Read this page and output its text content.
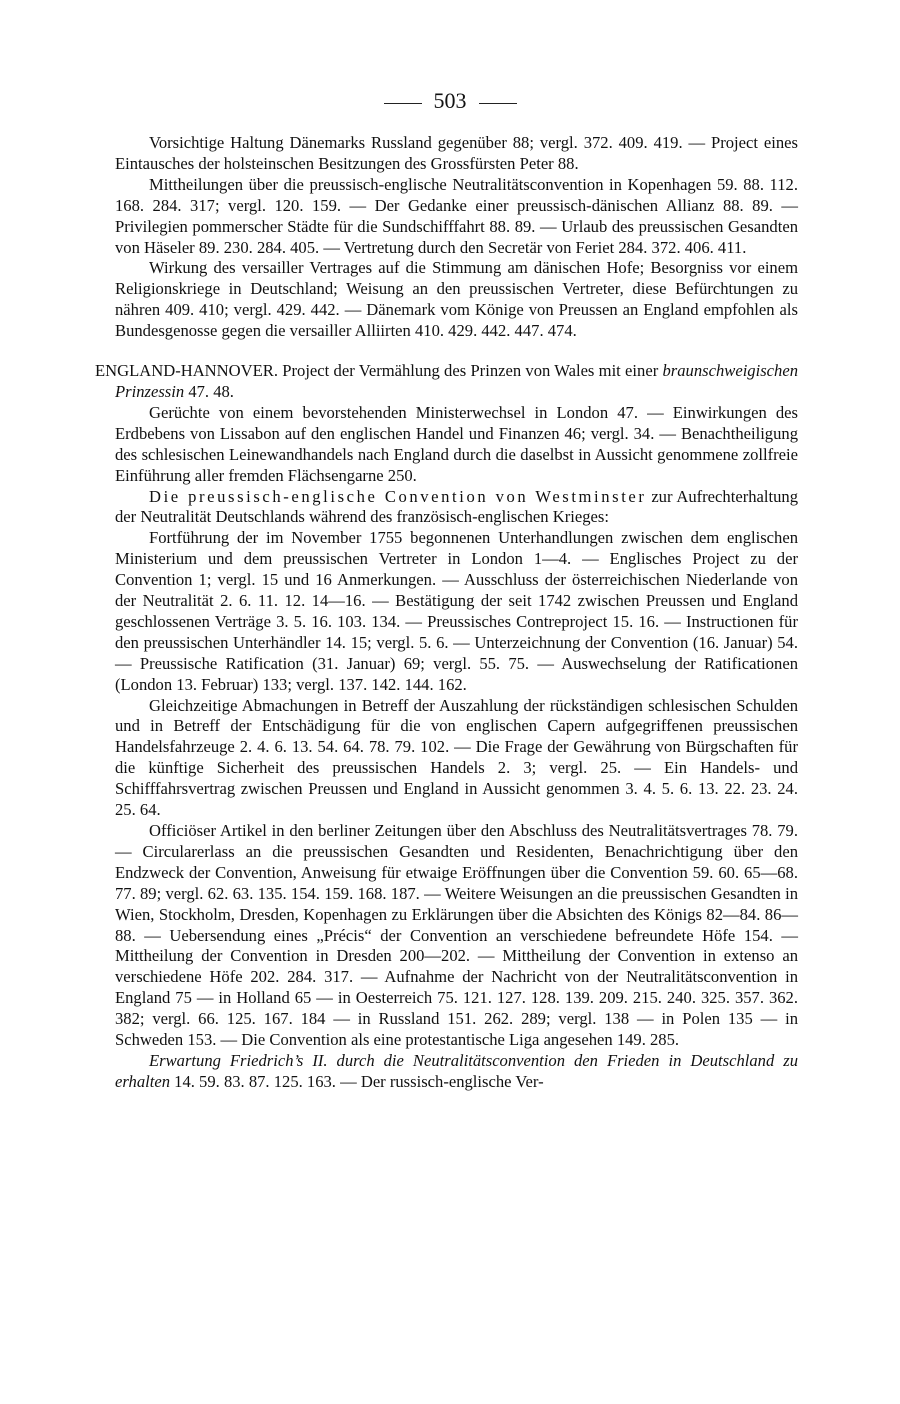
503

Vorsichtige Haltung Dänemarks Russland gegenüber 88; vergl. 372. 409. 419. — Project eines Eintausches der holsteinschen Besitzungen des Grossfürsten Peter 88.

Mittheilungen über die preussisch-englische Neutralitätsconvention in Kopenhagen 59. 88. 112. 168. 284. 317; vergl. 120. 159. — Der Gedanke einer preussisch-dänischen Allianz 88. 89. — Privilegien pommerscher Städte für die Sundschifffahrt 88. 89. — Urlaub des preussischen Gesandten von Häseler 89. 230. 284. 405. — Vertretung durch den Secretär von Feriet 284. 372. 406. 411.

Wirkung des versailler Vertrages auf die Stimmung am dänischen Hofe; Besorgniss vor einem Religionskriege in Deutschland; Weisung an den preussischen Vertreter, diese Befürchtungen zu nähren 409. 410; vergl. 429. 442. — Dänemark vom Könige von Preussen an England empfohlen als Bundesgenosse gegen die versailler Alliirten 410. 429. 442. 447. 474.

ENGLAND-HANNOVER. Project der Vermählung des Prinzen von Wales mit einer braunschweigischen Prinzessin 47. 48.

Gerüchte von einem bevorstehenden Ministerwechsel in London 47. — Einwirkungen des Erdbebens von Lissabon auf den englischen Handel und Finanzen 46; vergl. 34. — Benachtheiligung des schlesischen Leinewandhandels nach England durch die daselbst in Aussicht genommene zollfreie Einführung aller fremden Flächsengarne 250.

Die preussisch-englische Convention von Westminster zur Aufrechterhaltung der Neutralität Deutschlands während des französisch-englischen Krieges:

Fortführung der im November 1755 begonnenen Unterhandlungen zwischen dem englischen Ministerium und dem preussischen Vertreter in London 1—4. — Englisches Project zu der Convention 1; vergl. 15 und 16 Anmerkungen. — Ausschluss der österreichischen Niederlande von der Neutralität 2. 6. 11. 12. 14—16. — Bestätigung der seit 1742 zwischen Preussen und England geschlossenen Verträge 3. 5. 16. 103. 134. — Preussisches Contreproject 15. 16. — Instructionen für den preussischen Unterhändler 14. 15; vergl. 5. 6. — Unterzeichnung der Convention (16. Januar) 54. — Preussische Ratification (31. Januar) 69; vergl. 55. 75. — Auswechselung der Ratificationen (London 13. Februar) 133; vergl. 137. 142. 144. 162.

Gleichzeitige Abmachungen in Betreff der Auszahlung der rückständigen schlesischen Schulden und in Betreff der Entschädigung für die von englischen Capern aufgegriffenen preussischen Handelsfahrzeuge 2. 4. 6. 13. 54. 64. 78. 79. 102. — Die Frage der Gewährung von Bürgschaften für die künftige Sicherheit des preussischen Handels 2. 3; vergl. 25. — Ein Handels- und Schifffahrsvertrag zwischen Preussen und England in Aussicht genommen 3. 4. 5. 6. 13. 22. 23. 24. 25. 64.

Officiöser Artikel in den berliner Zeitungen über den Abschluss des Neutralitätsvertrages 78. 79. — Circularerlass an die preussischen Gesandten und Residenten, Benachrichtigung über den Endzweck der Convention, Anweisung für etwaige Eröffnungen über die Convention 59. 60. 65—68. 77. 89; vergl. 62. 63. 135. 154. 159. 168. 187. — Weitere Weisungen an die preussischen Gesandten in Wien, Stockholm, Dresden, Kopenhagen zu Erklärungen über die Absichten des Königs 82—84. 86—88. — Uebersendung eines „Précis“ der Convention an verschiedene befreundete Höfe 154. — Mittheilung der Convention in Dresden 200—202. — Mittheilung der Convention in extenso an verschiedene Höfe 202. 284. 317. — Aufnahme der Nachricht von der Neutralitätsconvention in England 75 — in Holland 65 — in Oesterreich 75. 121. 127. 128. 139. 209. 215. 240. 325. 357. 362. 382; vergl. 66. 125. 167. 184 — in Russland 151. 262. 289; vergl. 138 — in Polen 135 — in Schweden 153. — Die Convention als eine protestantische Liga angesehen 149. 285.

Erwartung Friedrich’s II. durch die Neutralitätsconvention den Frieden in Deutschland zu erhalten 14. 59. 83. 87. 125. 163. — Der russisch-englische Ver-
